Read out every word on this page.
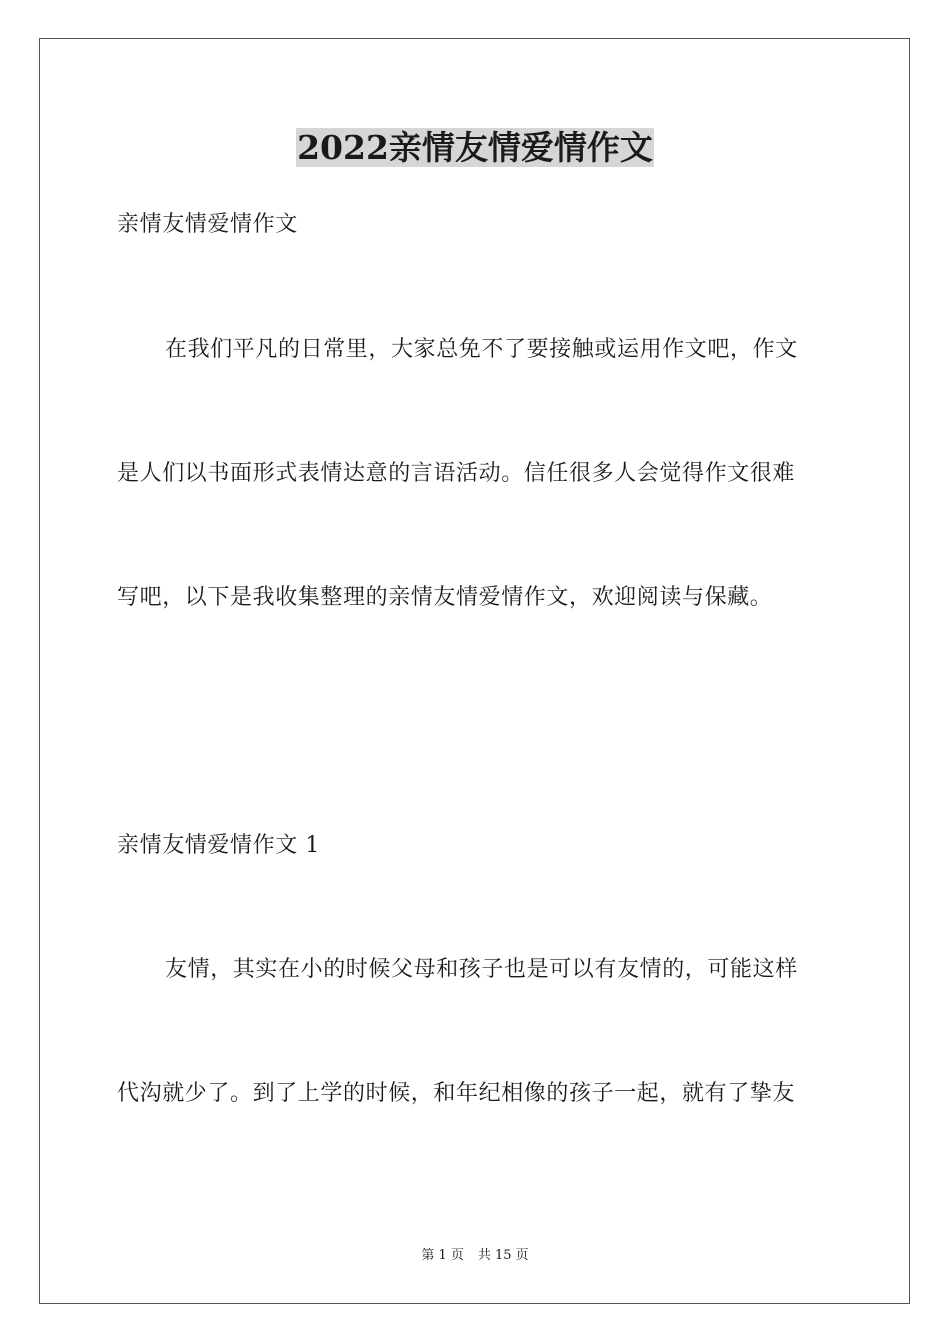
2022亲情友情爱情作文
亲情友情爱情作文
在我们平凡的日常里，大家总免不了要接触或运用作文吧，作文
是人们以书面形式表情达意的言语活动。信任很多人会觉得作文很难
写吧，以下是我收集整理的亲情友情爱情作文，欢迎阅读与保藏。
亲情友情爱情作文 1
友情，其实在小的时候父母和孩子也是可以有友情的，可能这样
代沟就少了。到了上学的时候，和年纪相像的孩子一起，就有了挚友
第 1 页 共 15 页
